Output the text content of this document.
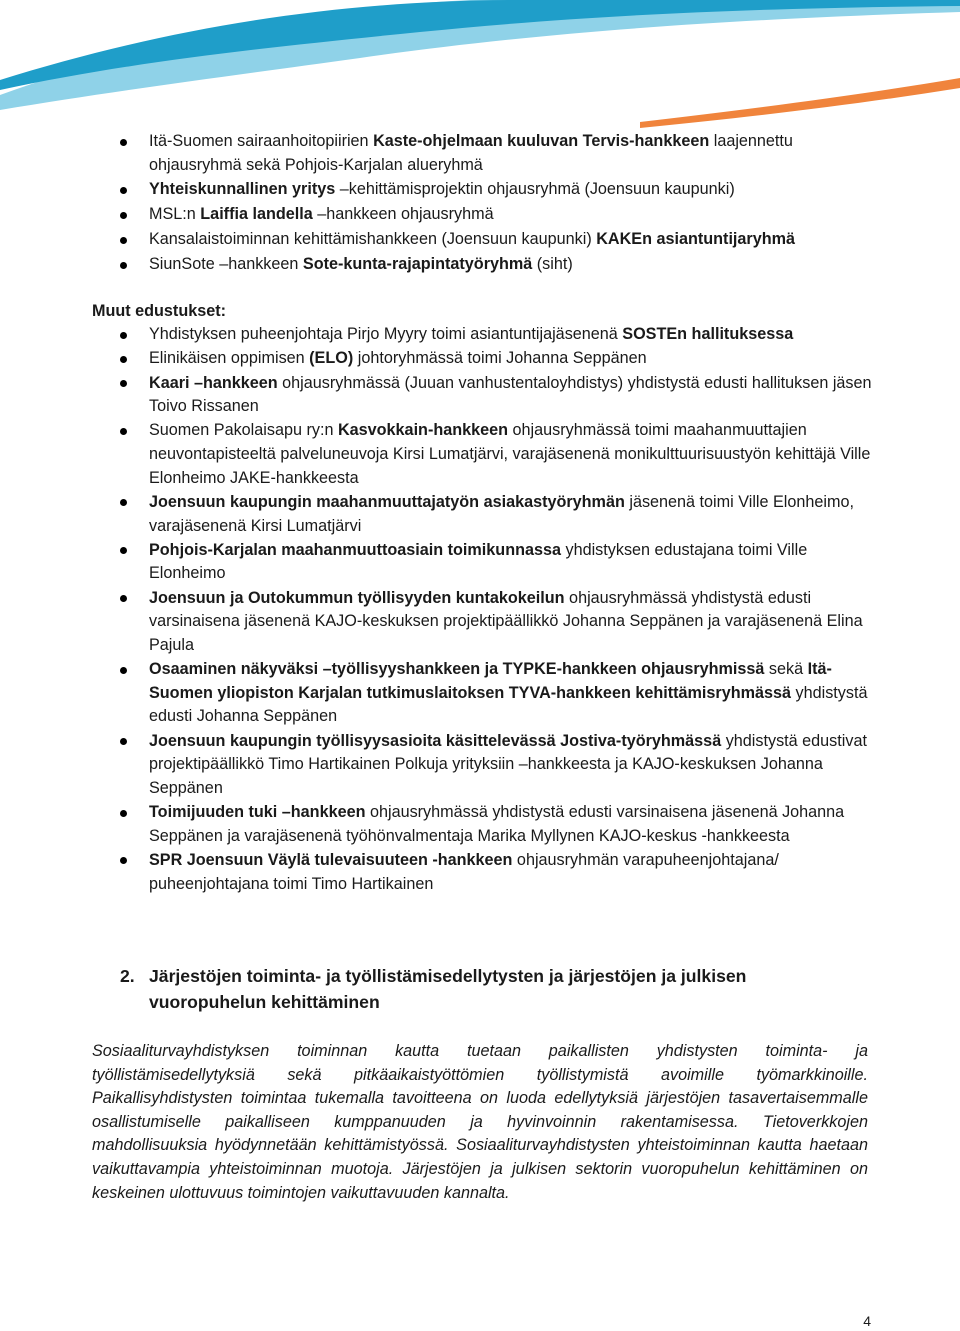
Itä-Suomen sairaanhoitopiirien Kaste-ohjelmaan kuuluvan Tervis-hankkeen laajennettu ohjausryhmä sekä Pohjois-Karjalan alueryhmä
Yhteiskunnallinen yritys –kehittämisprojektin ohjausryhmä (Joensuun kaupunki)
MSL:n Laiffia landella –hankkeen ohjausryhmä
Kansalaistoiminnan kehittämishankkeen (Joensuun kaupunki) KAKEn asiantuntijaryhmä
SiunSote –hankkeen Sote-kunta-rajapintatyöryhmä (siht)
Muut edustukset:
Yhdistyksen puheenjohtaja Pirjo Myyry toimi asiantuntijajäsenenä SOSTEn hallituksessa
Elinikäisen oppimisen (ELO) johtoryhmässä toimi Johanna Seppänen
Kaari –hankkeen ohjausryhmässä (Juuan vanhustentaloyhdistys) yhdistystä edusti hallituksen jäsen Toivo Rissanen
Suomen Pakolaisapu ry:n Kasvokkain-hankkeen ohjausryhmässä toimi maahanmuuttajien neuvontapisteeltä palveluneuvoja Kirsi Lumatjärvi, varajäsenenä monikulttuurisuustyön kehittäjä Ville Elonheimo JAKE-hankkeesta
Joensuun kaupungin maahanmuuttajatyön asiakastyöryhmän jäsenenä toimi Ville Elonheimo, varajäsenenä Kirsi Lumatjärvi
Pohjois-Karjalan maahanmuuttoasiain toimikunnassa yhdistyksen edustajana toimi Ville Elonheimo
Joensuun ja Outokummun työllisyyden kuntakokeilun ohjausryhmässä yhdistystä edusti varsinaisena jäsenenä KAJO-keskuksen projektipäällikkö Johanna Seppänen ja varajäsenenä Elina Pajula
Osaaminen näkyväksi –työllisyyshankkeen ja TYPKE-hankkeen ohjausryhmissä sekä Itä-Suomen yliopiston Karjalan tutkimuslaitoksen TYVA-hankkeen kehittämisryhmässä yhdistystä edusti Johanna Seppänen
Joensuun kaupungin työllisyysasioita käsittelevässä Jostiva-työryhmässä yhdistystä edustivat projektipäällikkö Timo Hartikainen Polkuja yrityksiin –hankkeesta ja KAJO-keskuksen Johanna Seppänen
Toimijuuden tuki –hankkeen ohjausryhmässä yhdistystä edusti varsinaisena jäsenenä Johanna Seppänen ja varajäsenenä työhönvalmentaja Marika Myllynen KAJO-keskus -hankkeesta
SPR Joensuun Väylä tulevaisuuteen -hankkeen ohjausryhmän varapuheenjohtajana/ puheenjohtajana toimi Timo Hartikainen
2. Järjestöjen toiminta- ja työllistämisedellytysten ja järjestöjen ja julkisen vuoropuhelun kehittäminen

Sosiaaliturvayhdistyksen toiminnan kautta tuetaan paikallisten yhdistysten toiminta- ja työllistämisedellytyksiä sekä pitkäaikaistyöttömien työllistymistä avoimille työmarkkinoille. Paikallisyhdistysten toimintaa tukemalla tavoitteena on luoda edellytyksiä järjestöjen tasavertaisemmalle osallistumiselle paikalliseen kumppanuuden ja hyvinvoinnin rakentamisessa. Tietoverkkojen mahdollisuuksia hyödynnetään kehittämistyössä. Sosiaaliturvayhdistysten yhteistoiminnan kautta haetaan vaikuttavampia yhteistoiminnan muotoja. Järjestöjen ja julkisen sektorin vuoropuhelun kehittäminen on keskeinen ulottuvuus toimintojen vaikuttavuuden kannalta.

4
